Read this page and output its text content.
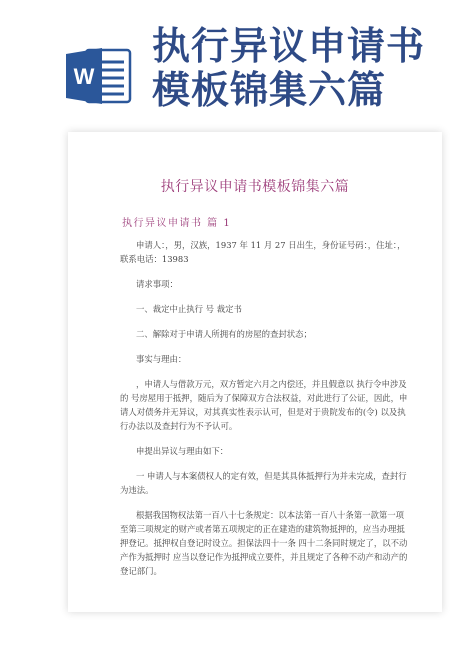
W
执行异议申请书模板锦集六篇
执行异议申请书模板锦集六篇
执行异议申请书 篇 1

申请人：，男，汉族，1937 年 11 月 27 日出生，身份证号码：，住址：，联系电话：13983

请求事项：

一、裁定中止执行 号 裁定书

二、解除对于申请人所拥有的房屋的查封状态；

事实与理由：

，申请人与借款万元，双方暂定六月之内偿还，并且假意以 执行令申涉及的 号房屋用于抵押，随后为了保障双方合法权益，对此进行了公证，因此，申请人对债务并无异议，对其真实性表示认可，但是对于贵院发布的(令) 以及执行办法以及查封行为不予认可。

申提出异议与理由如下：

一 申请人与本案债权人的定有效，但是其具体抵押行为并未完成，查封行为违法。

根据我国物权法第一百八十七条规定：以本法第一百八十条第一款第一项至第三项规定的财产或者第五项规定的正在建造的建筑物抵押的，应当办理抵押登记。抵押权自登记时设立。担保法四十一条 四十二条同时规定了，以不动产作为抵押时 应当以登记作为抵押成立要件，并且规定了各种不动产和动产的登记部门。
